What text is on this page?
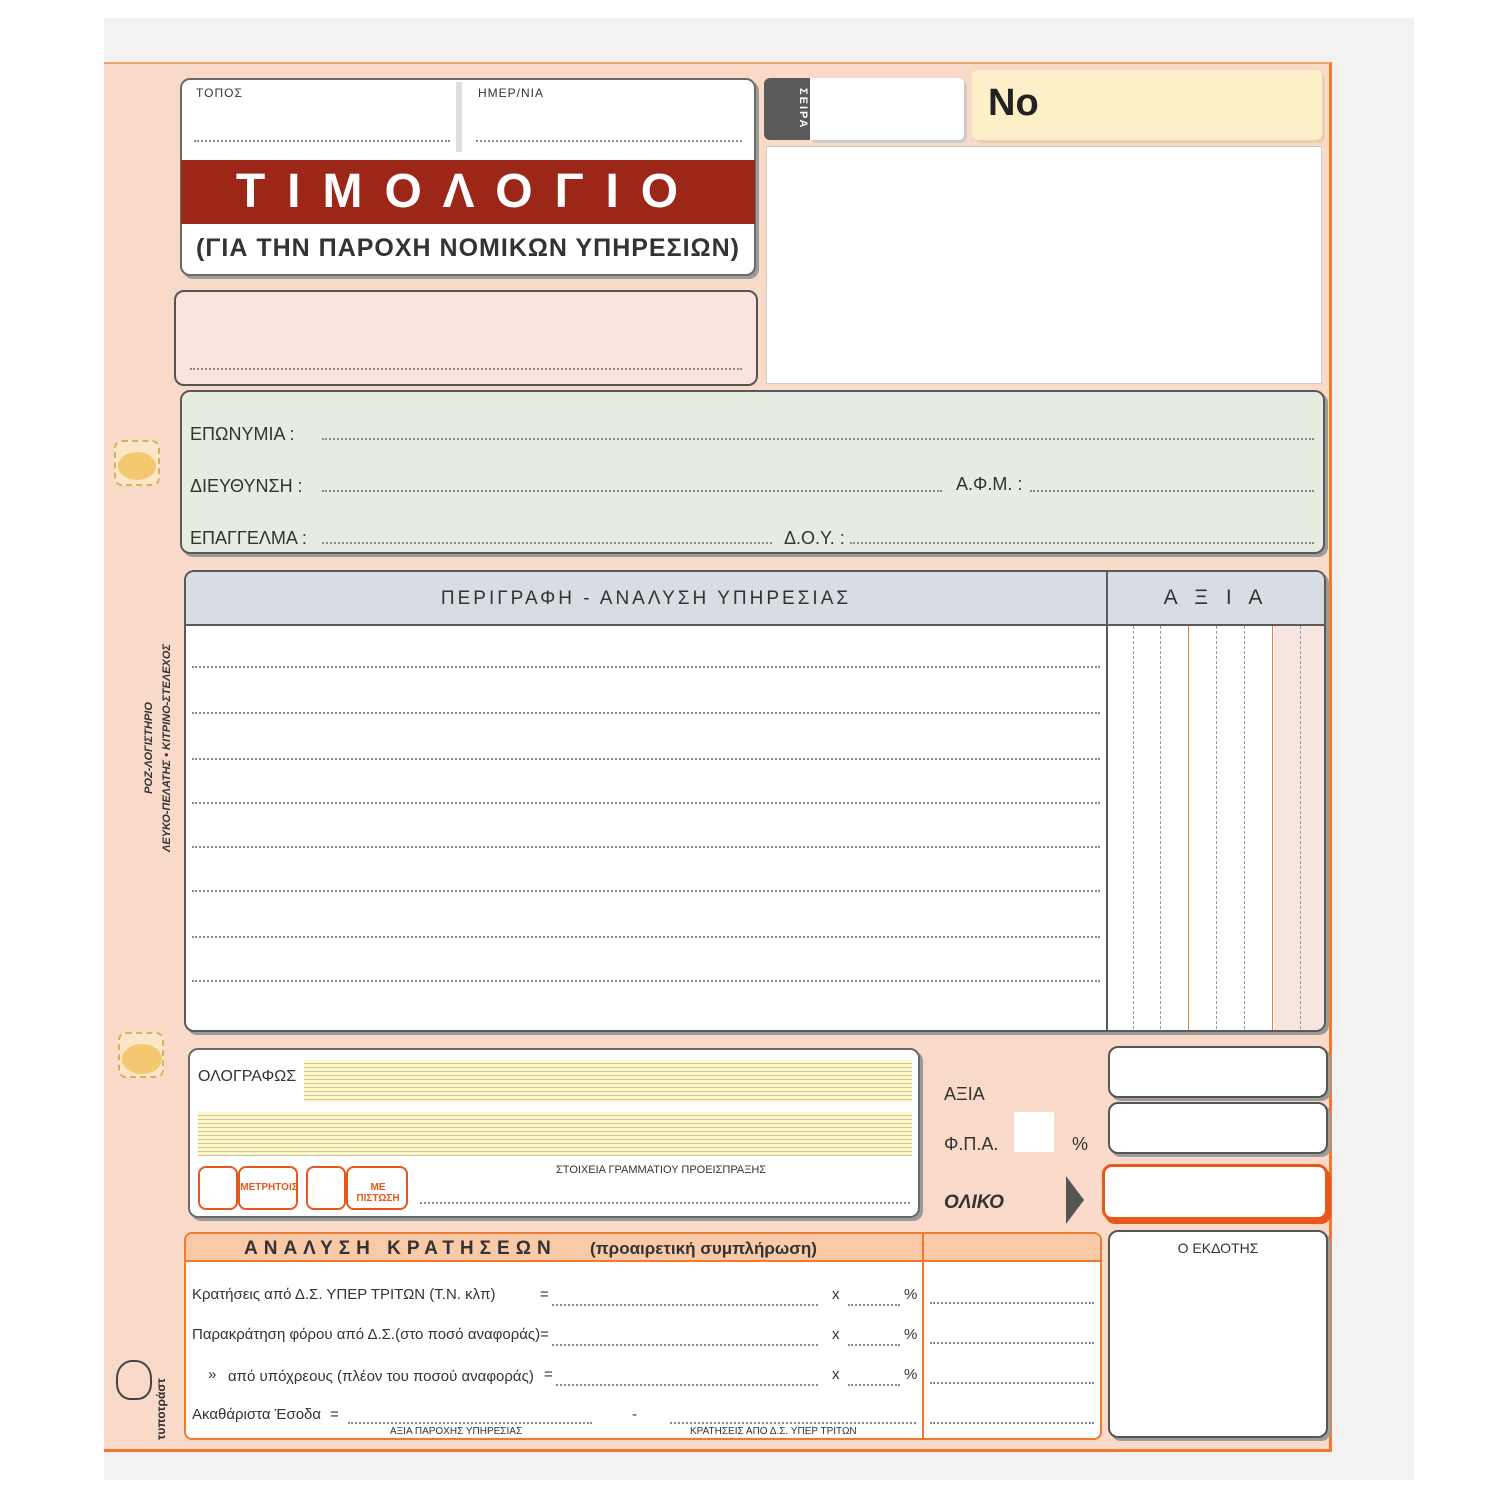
ΡΟΖ-ΛΟΓΙΣΤΗΡΙΟ ΛΕΥΚΟ-ΠΕΛΑΤΗΣ • ΚΙΤΡΙΝΟ-ΣΤΕΛΕΧΟΣ
τυποτράστ
ΤΟΠΟΣ	ΗΜΕΡ/ΝΙΑ
ΤΙΜΟΛΟΓΙΟ
(ΓΙΑ ΤΗΝ ΠΑΡΟΧΗ ΝΟΜΙΚΩΝ ΥΠΗΡΕΣΙΩΝ)
ΣΕΙΡΑ	No
ΕΠΩΝΥΜΙΑ :
ΔΙΕΥΘΥΝΣΗ :	Α.Φ.Μ. :
ΕΠΑΓΓΕΛΜΑ :	Δ.Ο.Υ. :
ΠΕΡΙΓΡΑΦΗ - ΑΝΑΛΥΣΗ ΥΠΗΡΕΣΙΑΣ	Α Ξ Ι Α
ΟΛΟΓΡΑΦΩΣ
ΣΤΟΙΧΕΙΑ ΓΡΑΜΜΑΤΙΟΥ ΠΡΟΕΙΣΠΡΑΞΗΣ
ΜΕΤΡΗΤΟΙΣ	ΜΕ ΠΙΣΤΩΣΗ
ΑΞΙΑ
Φ.Π.Α.	%
ΟΛΙΚΟ
ΑΝΑΛΥΣΗ ΚΡΑΤΗΣΕΩΝ (προαιρετική συμπλήρωση)
Κρατήσεις από Δ.Σ. ΥΠΕΡ ΤΡΙΤΩΝ (Τ.Ν. κλπ)	=	x	%
Παρακράτηση φόρου από Δ.Σ.(στο ποσό αναφοράς)=	x	%
» από υπόχρεους (πλέον του ποσού αναφοράς) =	x	%
Ακαθάριστα Έσοδα =	-
ΑΞΙΑ ΠΑΡΟΧΗΣ ΥΠΗΡΕΣΙΑΣ	ΚΡΑΤΗΣΕΙΣ ΑΠΟ Δ.Σ. ΥΠΕΡ ΤΡΙΤΩΝ
Ο ΕΚΔΟΤΗΣ
